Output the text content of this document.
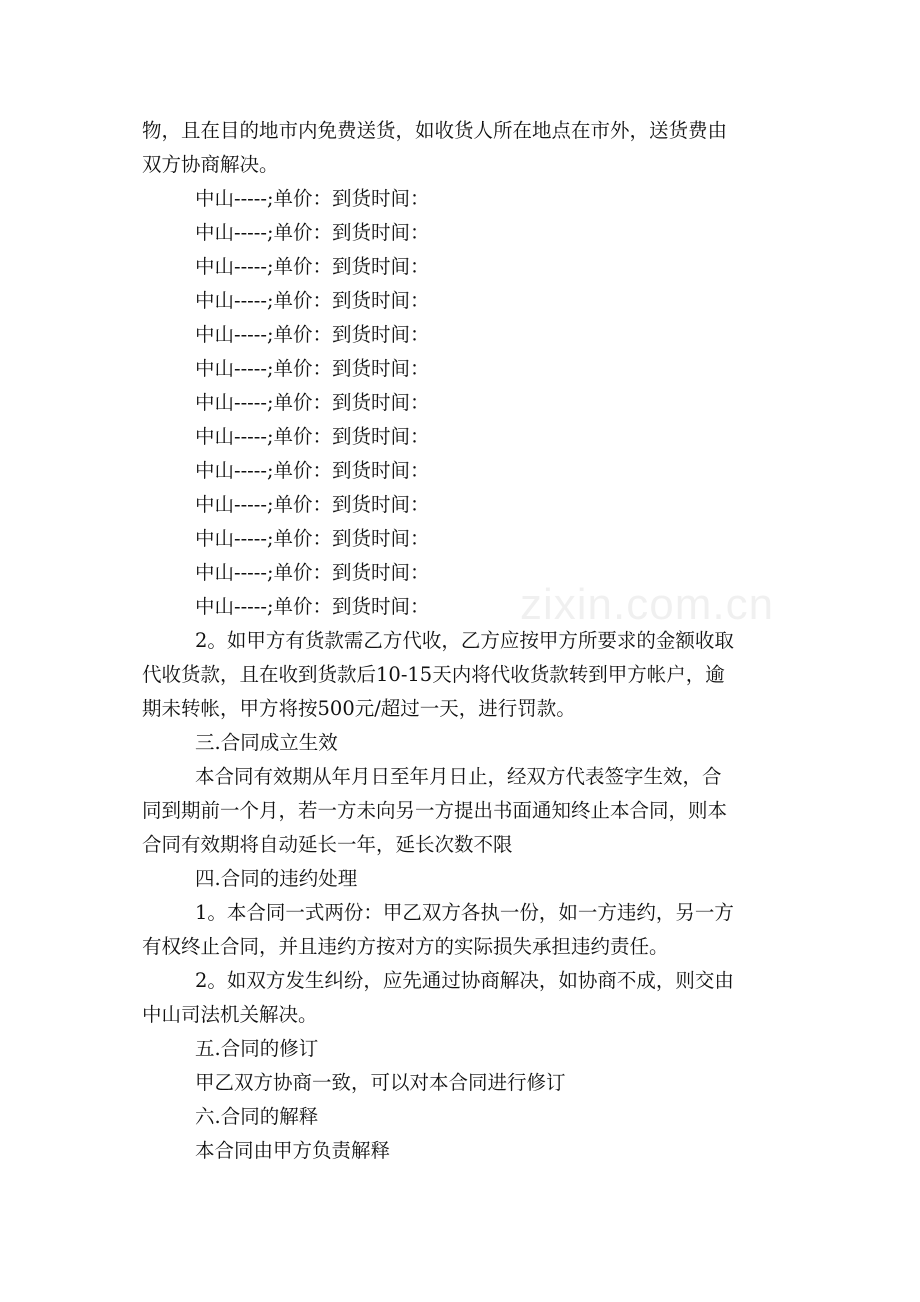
物，且在目的地市内免费送货，如收货人所在地点在市外，送货费由
双方协商解决。
中山-----;单价：到货时间：
中山-----;单价：到货时间：
中山-----;单价：到货时间：
中山-----;单价：到货时间：
中山-----;单价：到货时间：
中山-----;单价：到货时间：
中山-----;单价：到货时间：
中山-----;单价：到货时间：
中山-----;单价：到货时间：
中山-----;单价：到货时间：
中山-----;单价：到货时间：
中山-----;单价：到货时间：
中山-----;单价：到货时间：
2。如甲方有货款需乙方代收，乙方应按甲方所要求的金额收取
代收货款，且在收到货款后10-15天内将代收货款转到甲方帐户，逾
期未转帐，甲方将按500元/超过一天，进行罚款。
三.合同成立生效
本合同有效期从年月日至年月日止，经双方代表签字生效，合
同到期前一个月，若一方未向另一方提出书面通知终止本合同，则本
合同有效期将自动延长一年，延长次数不限
四.合同的违约处理
1。本合同一式两份：甲乙双方各执一份，如一方违约，另一方
有权终止合同，并且违约方按对方的实际损失承担违约责任。
2。如双方发生纠纷，应先通过协商解决，如协商不成，则交由
中山司法机关解决。
五.合同的修订
甲乙双方协商一致，可以对本合同进行修订
六.合同的解释
本合同由甲方负责解释
zixin.com.cn
